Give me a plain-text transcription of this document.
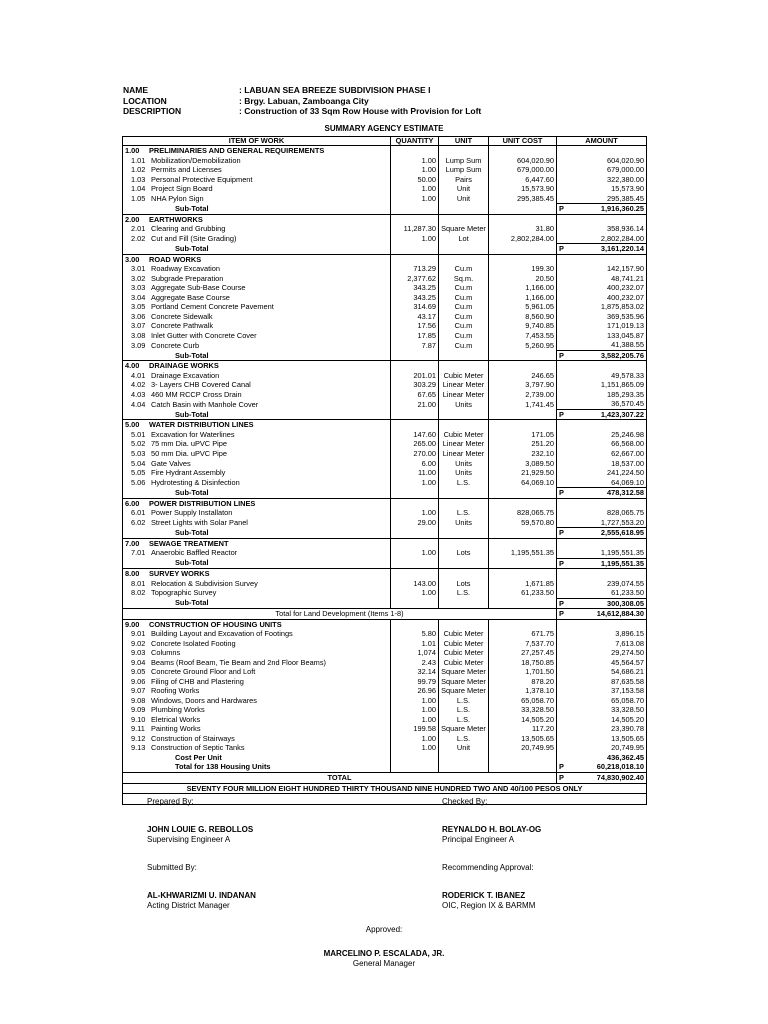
NAME	: LABUAN SEA BREEZE SUBDIVISION PHASE I
LOCATION	: Brgy. Labuan, Zamboanga City
DESCRIPTION	: Construction of 33 Sqm Row House with Provision for Loft
SUMMARY AGENCY ESTIMATE
ITEM OF WORK	QUANTITY	UNIT	UNIT COST	AMOUNT
1.00 PRELIMINARIES AND GENERAL REQUIREMENTS				
1.01 Mobilization/Demobilization	1.00	Lump Sum	604,020.90	604,020.90
1.02 Permits and Licenses	1.00	Lump Sum	679,000.00	679,000.00
1.03 Personal Protective Equipment	50.00	Pairs	6,447.60	322,380.00
1.04 Project Sign Board	1.00	Unit	15,573.90	15,573.90
1.05 NHA Pylon Sign	1.00	Unit	295,385.45	295,385.45
Sub-Total				P 1,916,360.25
2.00 EARTHWORKS				
2.01 Clearing and Grubbing	11,287.30	Square Meter	31.80	358,936.14
2.02 Cut and Fill (Site Grading)	1.00	Lot	2,802,284.00	2,802,284.00
Sub-Total				P 3,161,220.14
3.00 ROAD WORKS				
3.01 Roadway Excavation	713.29	Cu.m	199.30	142,157.90
3.02 Subgrade Preparation	2,377.62	Sq.m.	20.50	48,741.21
3.03 Aggregate Sub-Base Course	343.25	Cu.m	1,166.00	400,232.07
3.04 Aggregate Base Course	343.25	Cu.m	1,166.00	400,232.07
3.05 Portland Cement Concrete Pavement	314.69	Cu.m	5,961.05	1,875,853.02
3.06 Concrete Sidewalk	43.17	Cu.m	8,560.90	369,535.96
3.07 Concrete Pathwalk	17.56	Cu.m	9,740.85	171,019.13
3.08 Inlet Gutter with Concrete Cover	17.85	Cu.m	7,453.55	133,045.87
3.09 Concrete Curb	7.87	Cu.m	5,260.95	41,388.55
Sub-Total				P 3,582,205.76
4.00 DRAINAGE WORKS				
4.01 Drainage Excavation	201.01	Cubic Meter	246.65	49,578.33
4.02 3- Layers CHB Covered Canal	303.29	Linear Meter	3,797.90	1,151,865.09
4.03 460 MM RCCP Cross Drain	67.65	Linear Meter	2,739.00	185,293.35
4.04 Catch Basin with Manhole Cover	21.00	Units	1,741.45	36,570.45
Sub-Total				P 1,423,307.22
5.00 WATER DISTRIBUTION LINES				
5.01 Excavation for Waterlines	147.60	Cubic Meter	171.05	25,246.98
5.02 75 mm Dia. uPVC Pipe	265.00	Linear Meter	251.20	66,568.00
5.03 50 mm Dia. uPVC Pipe	270.00	Linear Meter	232.10	62,667.00
5.04 Gate Valves	6.00	Units	3,089.50	18,537.00
5.05 Fire Hydrant Assembly	11.00	Units	21,929.50	241,224.50
5.06 Hydrotesting & Disinfection	1.00	L.S.	64,069.10	64,069.10
Sub-Total				P 478,312.58
6.00 POWER DISTRIBUTION LINES				
6.01 Power Supply Installaton	1.00	L.S.	828,065.75	828,065.75
6.02 Street Lights with Solar Panel	29.00	Units	59,570.80	1,727,553.20
Sub-Total				P 2,555,618.95
7.00 SEWAGE TREATMENT				
7.01 Anaerobic Baffled Reactor	1.00	Lots	1,195,551.35	1,195,551.35
Sub-Total				P 1,195,551.35
8.00 SURVEY WORKS				
8.01 Relocation & Subdivision Survey	143.00	Lots	1,671.85	239,074.55
8.02 Topographic Survey	1.00	L.S.	61,233.50	61,233.50
Sub-Total				P 300,308.05
Total for Land Development (Items 1-8)				P 14,612,884.30
9.00 CONSTRUCTION OF HOUSING UNITS				
9.01 Building Layout and Excavation of Footings	5.80	Cubic Meter	671.75	3,896.15
9.02 Concrete Isolated Footing	1.01	Cubic Meter	7,537.70	7,613.08
9.03 Columns	1,074	Cubic Meter	27,257.45	29,274.50
9.04 Beams (Roof Beam, Tie Beam and 2nd Floor Beams)	2.43	Cubic Meter	18,750.85	45,564.57
9.05 Concrete Ground Floor and Loft	32.14	Square Meter	1,701.50	54,686.21
9.06 Filing of CHB and Plastering	99.79	Square Meter	878.20	87,635.58
9.07 Roofing Works	26.96	Square Meter	1,378.10	37,153.58
9.08 Windows, Doors and Hardwares	1.00	L.S.	65,058.70	65,058.70
9.09 Plumbing Works	1.00	L.S.	33,328.50	33,328.50
9.10 Eletrical Works	1.00	L.S.	14,505.20	14,505.20
9.11 Painting Works	199.58	Square Meter	117.20	23,390.78
9.12 Construction of Stairways	1.00	L.S.	13,505.65	13,505.65
9.13 Construction of Septic Tanks	1.00	Unit	20,749.95	20,749.95
Cost Per Unit				436,362.45
Total for 138 Housing Units				P 60,218,018.10
TOTAL				P 74,830,902.40
SEVENTY FOUR MILLION EIGHT HUNDRED THIRTY THOUSAND NINE HUNDRED TWO AND 40/100 PESOS ONLY				

Prepared By:
JOHN LOUIE G. REBOLLOS
Supervising Engineer A
Checked By:
REYNALDO H. BOLAY-OG
Principal Engineer A
Submitted By:
AL-KHWARIZMI U. INDANAN
Acting District Manager
Recommending Approval:
RODERICK T. IBANEZ
OIC, Region IX & BARMM
Approved:
MARCELINO P. ESCALADA, JR.
General Manager
